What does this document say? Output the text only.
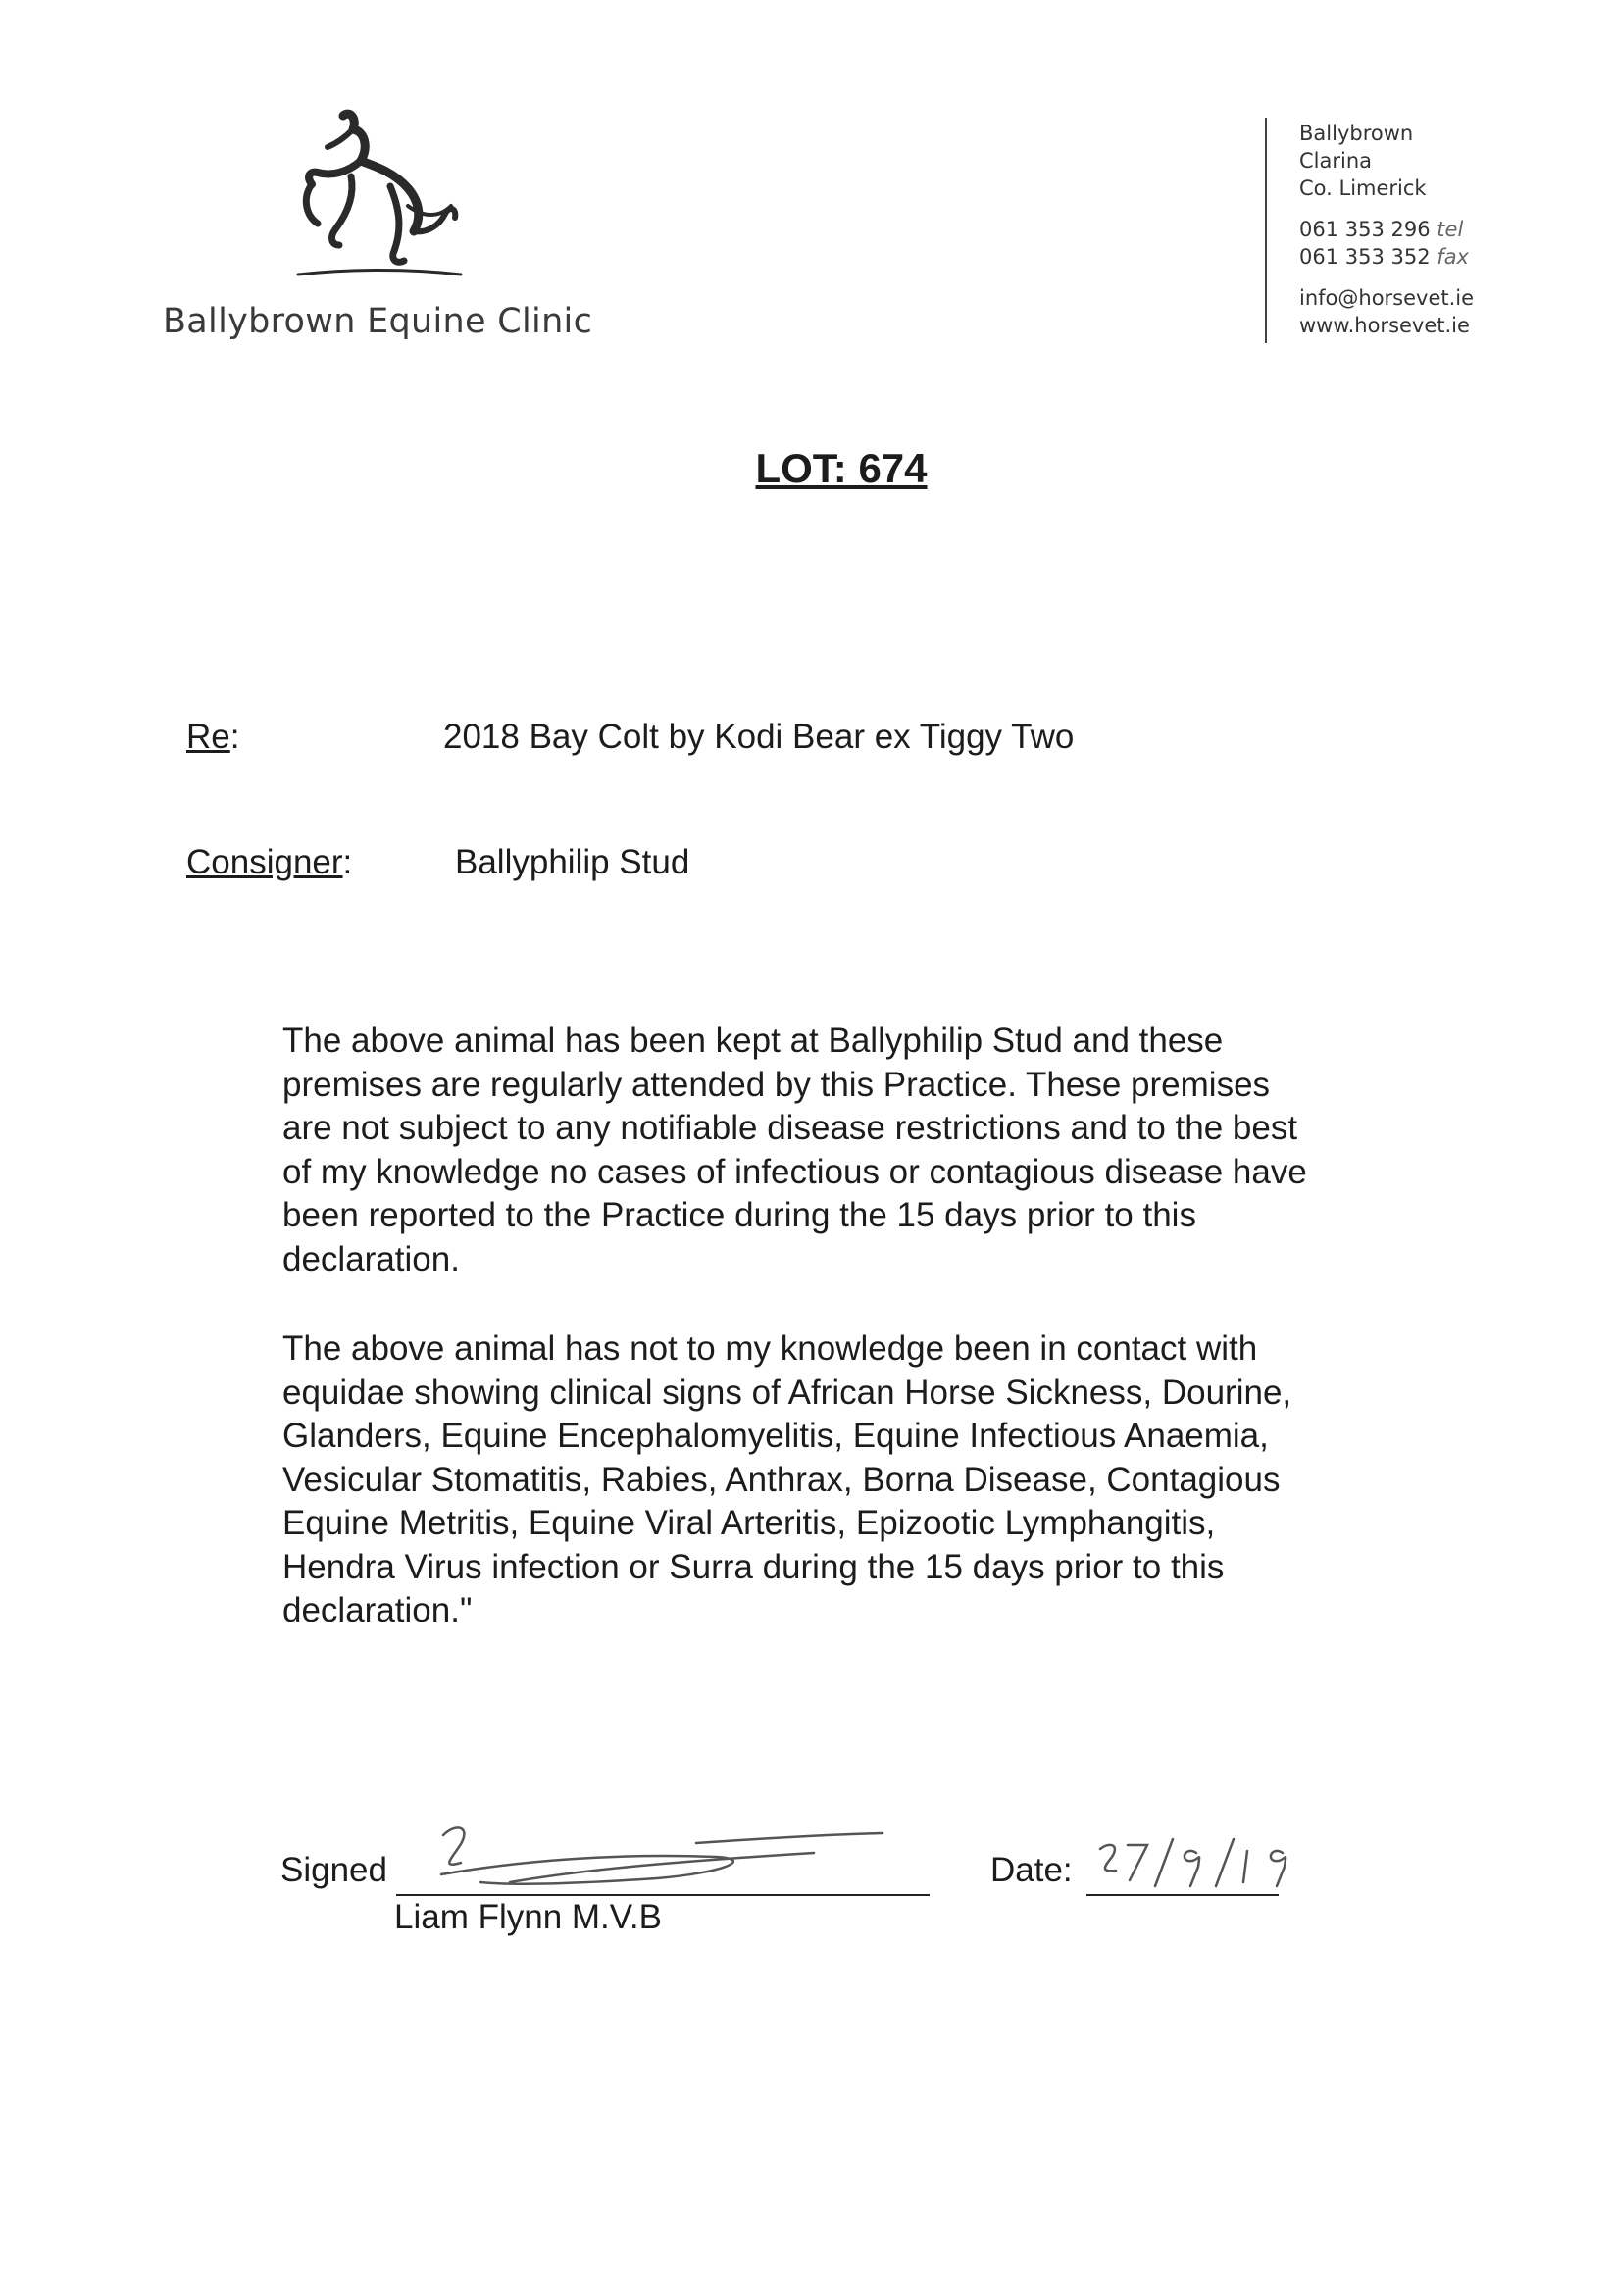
Ballybrown Equine Clinic
Ballybrown
Clarina
Co. Limerick
061 353 296 tel
061 353 352 fax
info@horsevet.ie
www.horsevet.ie
LOT: 674
Re:	2018 Bay Colt by Kodi Bear ex Tiggy Two
Consigner:	Ballyphilip Stud

The above animal has been kept at Ballyphilip Stud and these premises are regularly attended by this Practice. These premises are not subject to any notifiable disease restrictions and to the best of my knowledge no cases of infectious or contagious disease have been reported to the Practice during the 15 days prior to this declaration.

The above animal has not to my knowledge been in contact with equidae showing clinical signs of African Horse Sickness, Dourine, Glanders, Equine Encephalomyelitis, Equine Infectious Anaemia, Vesicular Stomatitis, Rabies, Anthrax, Borna Disease, Contagious Equine Metritis, Equine Viral Arteritis, Epizootic Lymphangitis, Hendra Virus infection or Surra during the 15 days prior to this declaration."

Signed
Liam Flynn M.V.B
Date:
